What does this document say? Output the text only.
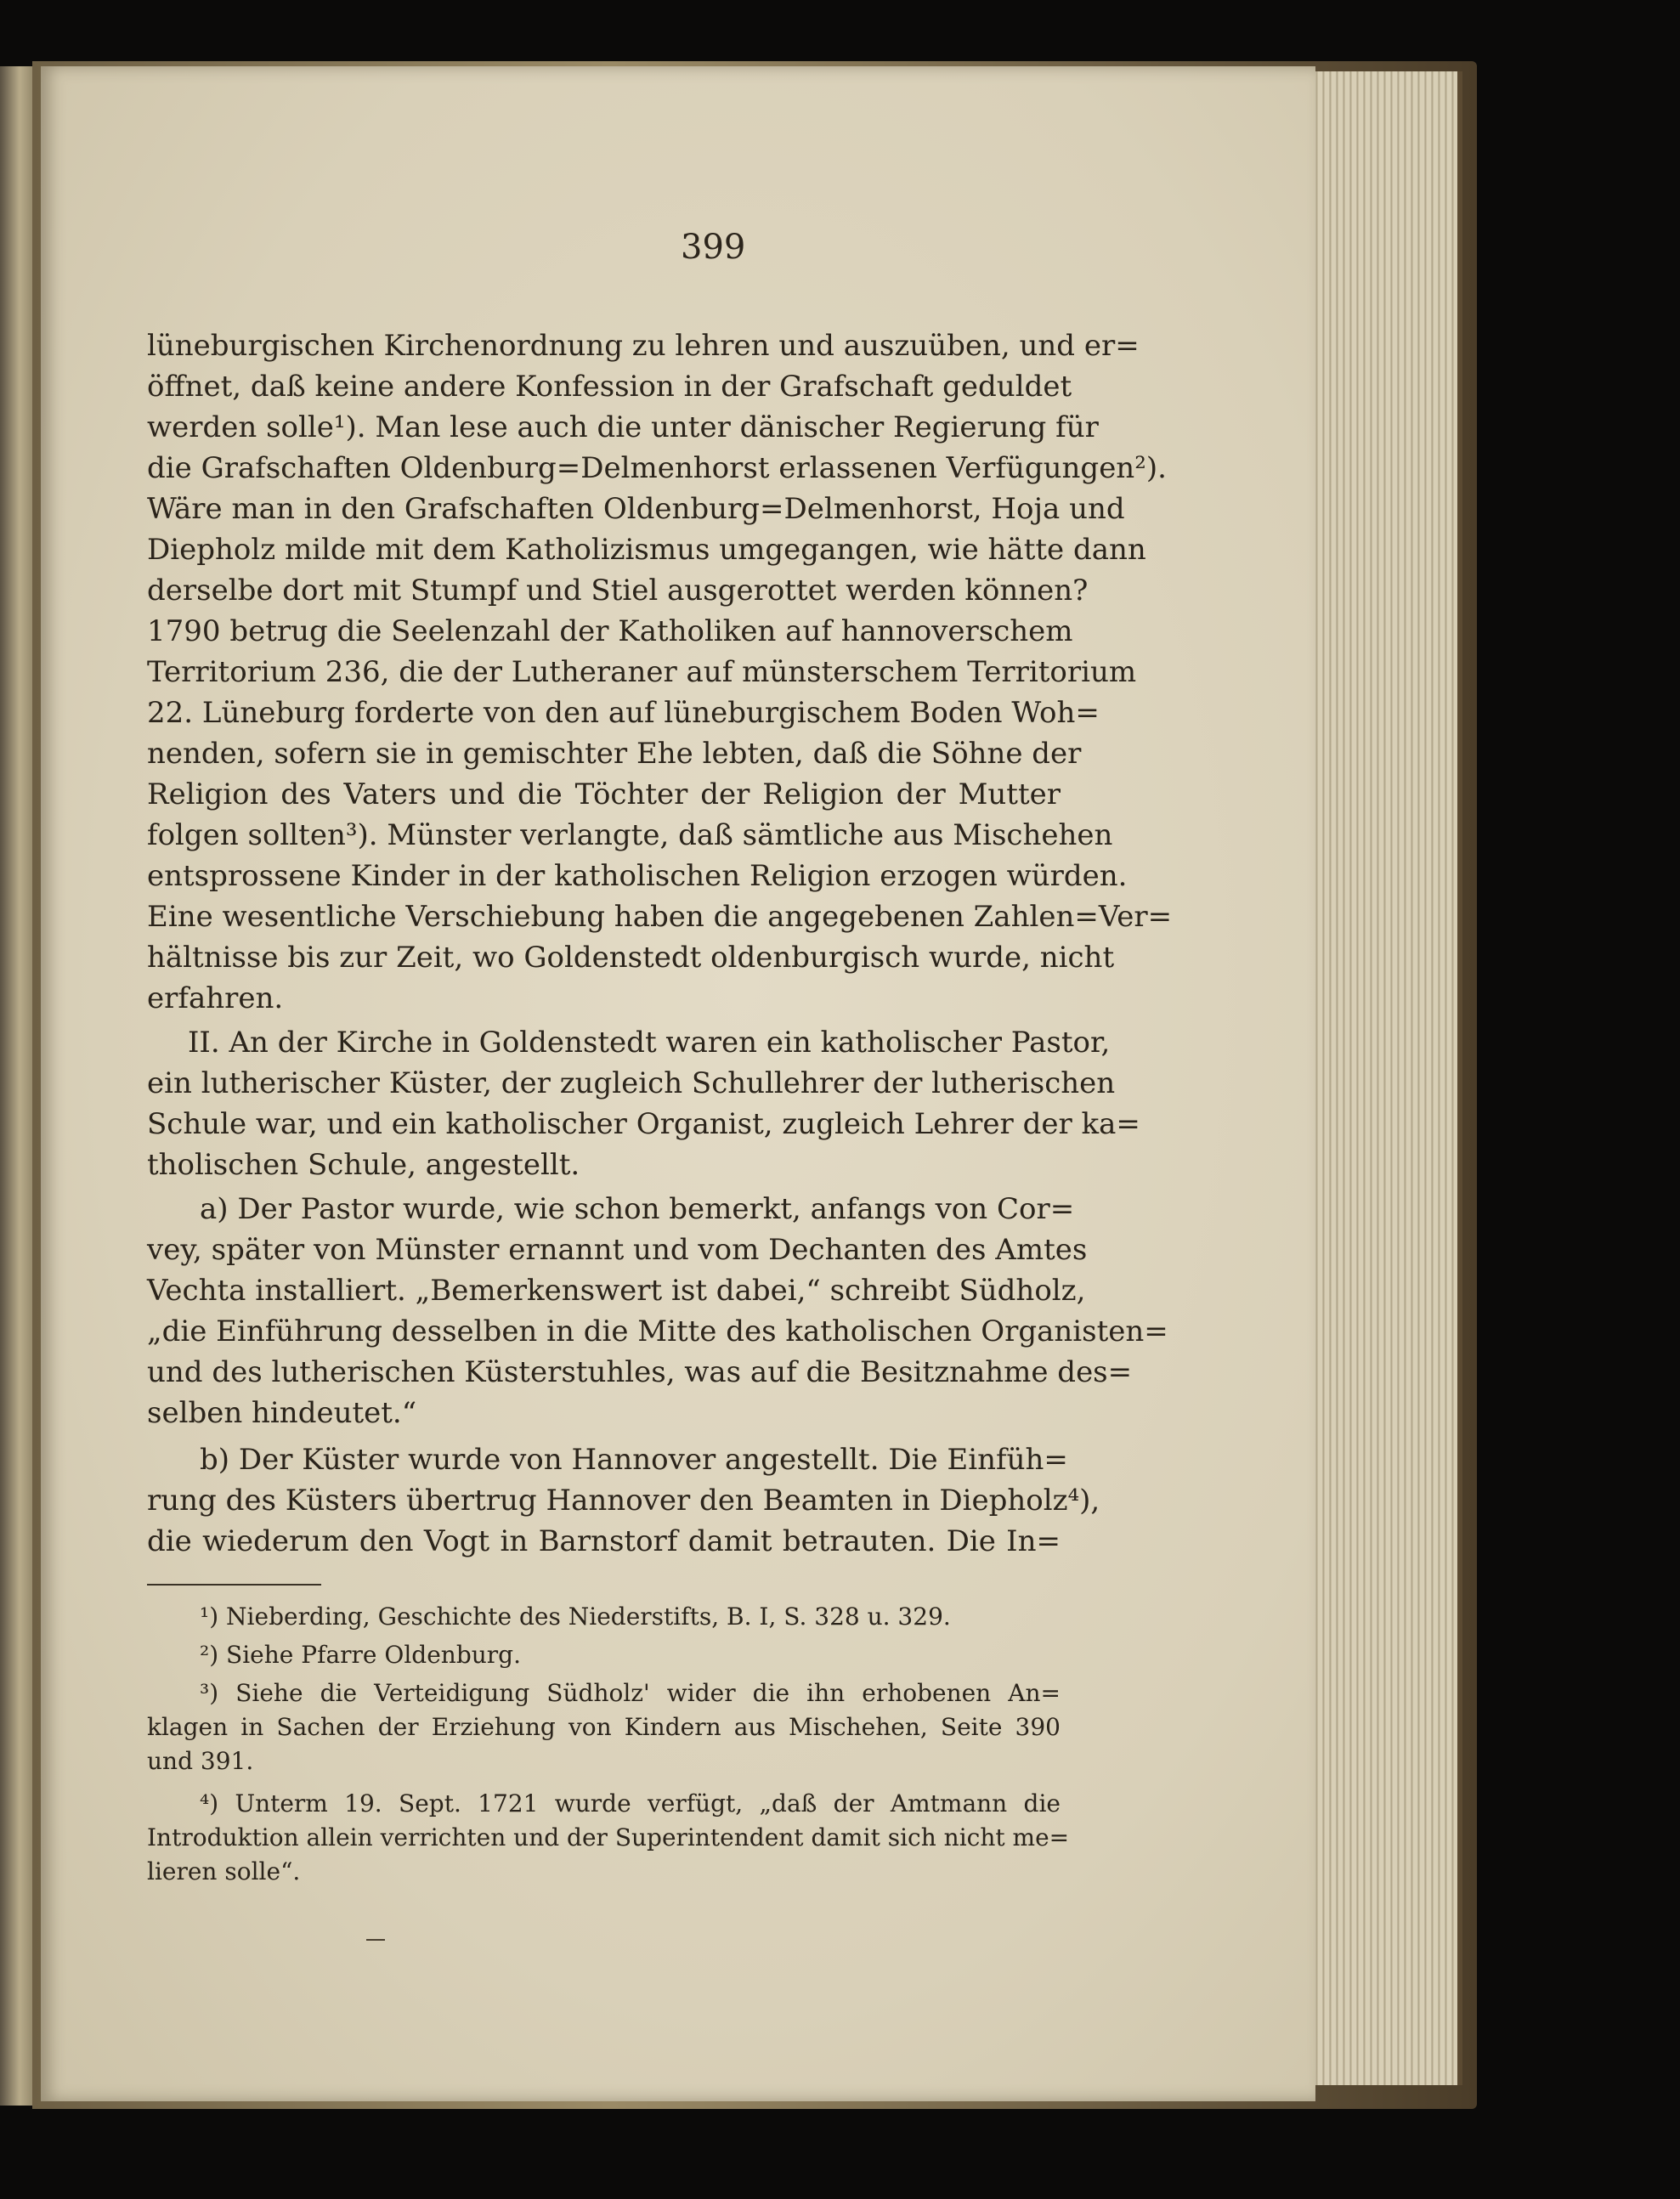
399
lüneburgischen Kirchenordnung zu lehren und auszuüben, und er=
öffnet, daß keine andere Konfession in der Grafschaft geduldet
werden solle¹). Man lese auch die unter dänischer Regierung für
die Grafschaften Oldenburg=Delmenhorst erlassenen Verfügungen²).
Wäre man in den Grafschaften Oldenburg=Delmenhorst, Hoja und
Diepholz milde mit dem Katholizismus umgegangen, wie hätte dann
derselbe dort mit Stumpf und Stiel ausgerottet werden können?
1790 betrug die Seelenzahl der Katholiken auf hannoverschem
Territorium 236, die der Lutheraner auf münsterschem Territorium
22. Lüneburg forderte von den auf lüneburgischem Boden Woh=
nenden, sofern sie in gemischter Ehe lebten, daß die Söhne der
Religion des Vaters und die Töchter der Religion der Mutter
folgen sollten³). Münster verlangte, daß sämtliche aus Mischehen
entsprossene Kinder in der katholischen Religion erzogen würden.
Eine wesentliche Verschiebung haben die angegebenen Zahlen=Ver=
hältnisse bis zur Zeit, wo Goldenstedt oldenburgisch wurde, nicht
erfahren.
II. An der Kirche in Goldenstedt waren ein katholischer Pastor,
ein lutherischer Küster, der zugleich Schullehrer der lutherischen
Schule war, und ein katholischer Organist, zugleich Lehrer der ka=
tholischen Schule, angestellt.
a) Der Pastor wurde, wie schon bemerkt, anfangs von Cor=
vey, später von Münster ernannt und vom Dechanten des Amtes
Vechta installiert. „Bemerkenswert ist dabei,“ schreibt Südholz,
„die Einführung desselben in die Mitte des katholischen Organisten=
und des lutherischen Küsterstuhles, was auf die Besitznahme des=
selben hindeutet.“
b) Der Küster wurde von Hannover angestellt. Die Einfüh=
rung des Küsters übertrug Hannover den Beamten in Diepholz⁴),
die wiederum den Vogt in Barnstorf damit betrauten. Die In=
¹) Nieberding, Geschichte des Niederstifts, B. I, S. 328 u. 329.
²) Siehe Pfarre Oldenburg.
³) Siehe die Verteidigung Südholz' wider die ihn erhobenen An=
klagen in Sachen der Erziehung von Kindern aus Mischehen, Seite 390
und 391.
⁴) Unterm 19. Sept. 1721 wurde verfügt, „daß der Amtmann die
Introduktion allein verrichten und der Superintendent damit sich nicht me=
lieren solle“.
